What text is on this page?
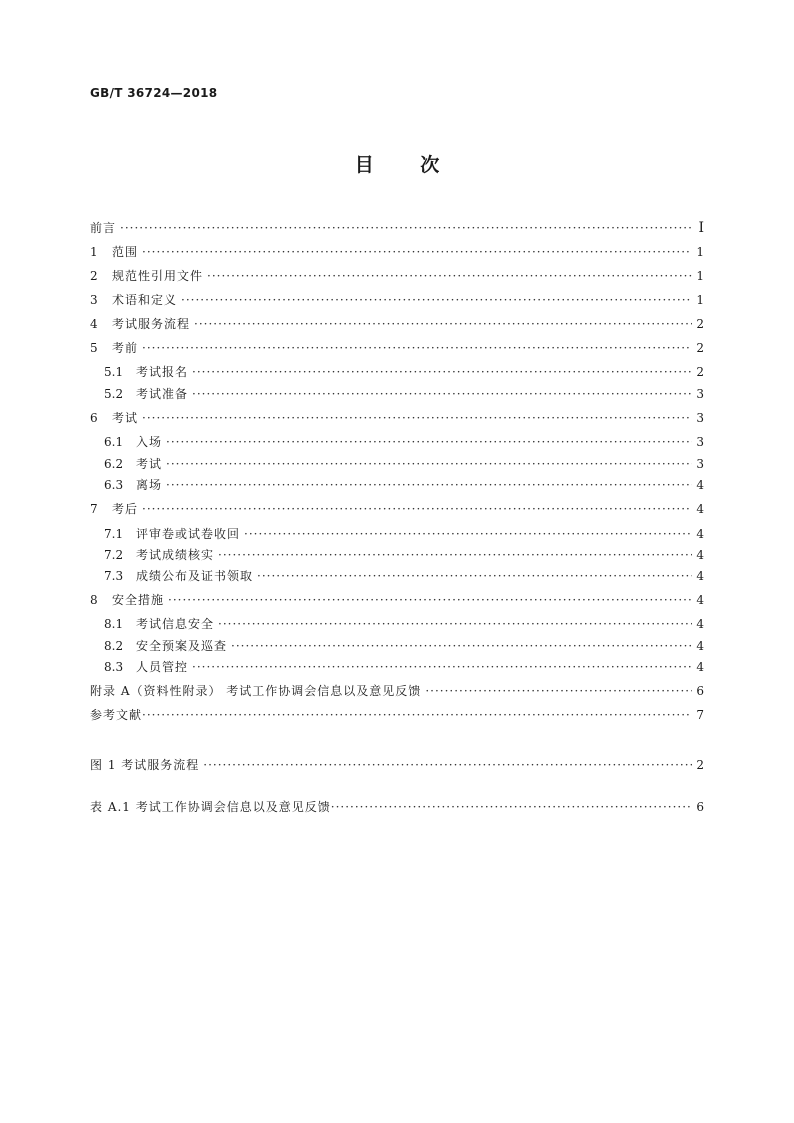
GB/T 36724—2018
目 次
前言 ·····	Ⅰ
1	范围 ·····	1
2	规范性引用文件 ·····	1
3	术语和定义 ·····	1
4	考试服务流程 ·····	2
5	考前 ·····	2
5.1	考试报名 ·····	2
5.2	考试准备 ·····	3
6	考试 ·····	3
6.1	入场 ·····	3
6.2	考试 ·····	3
6.3	离场 ·····	4
7	考后 ·····	4
7.1	评审卷或试卷收回 ·····	4
7.2	考试成绩核实 ·····	4
7.3	成绩公布及证书领取 ·····	4
8	安全措施 ·····	4
8.1	考试信息安全 ·····	4
8.2	安全预案及巡查 ·····	4
8.3	人员管控 ·····	4
附录 A（资料性附录） 考试工作协调会信息以及意见反馈 ·····	6
参考文献 ·····	7
图 1 考试服务流程 ·····	2
表 A.1 考试工作协调会信息以及意见反馈 ·····	6
